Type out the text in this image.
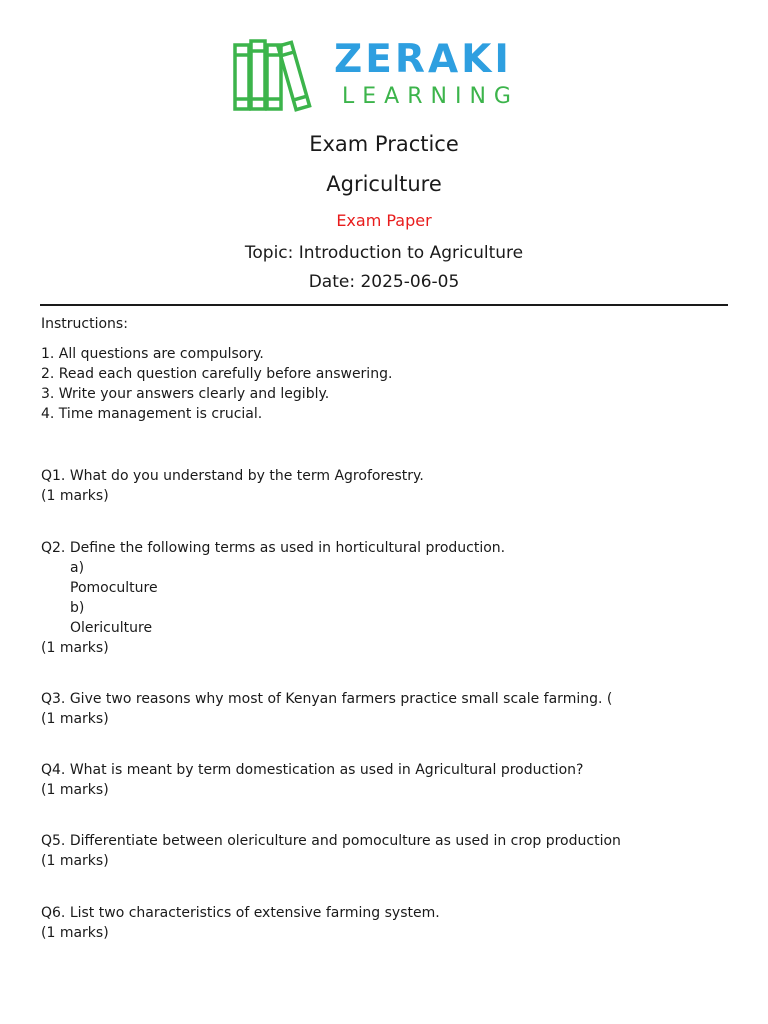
ZERAKI
LEARNING
Exam Practice
Agriculture
Exam Paper
Topic: Introduction to Agriculture
Date: 2025-06-05
Instructions:
1. All questions are compulsory.
2. Read each question carefully before answering.
3. Write your answers clearly and legibly.
4. Time management is crucial.
Q1. What do you understand by the term Agroforestry.
(1 marks)
Q2. Define the following terms as used in horticultural production.
a)
Pomoculture
b)
Olericulture
(1 marks)
Q3. Give two reasons why most of Kenyan farmers practice small scale farming. (
(1 marks)
Q4. What is meant by term domestication as used in Agricultural production?
(1 marks)
Q5. Differentiate between olericulture and pomoculture as used in crop production
(1 marks)
Q6. List two characteristics of extensive farming system.
(1 marks)
